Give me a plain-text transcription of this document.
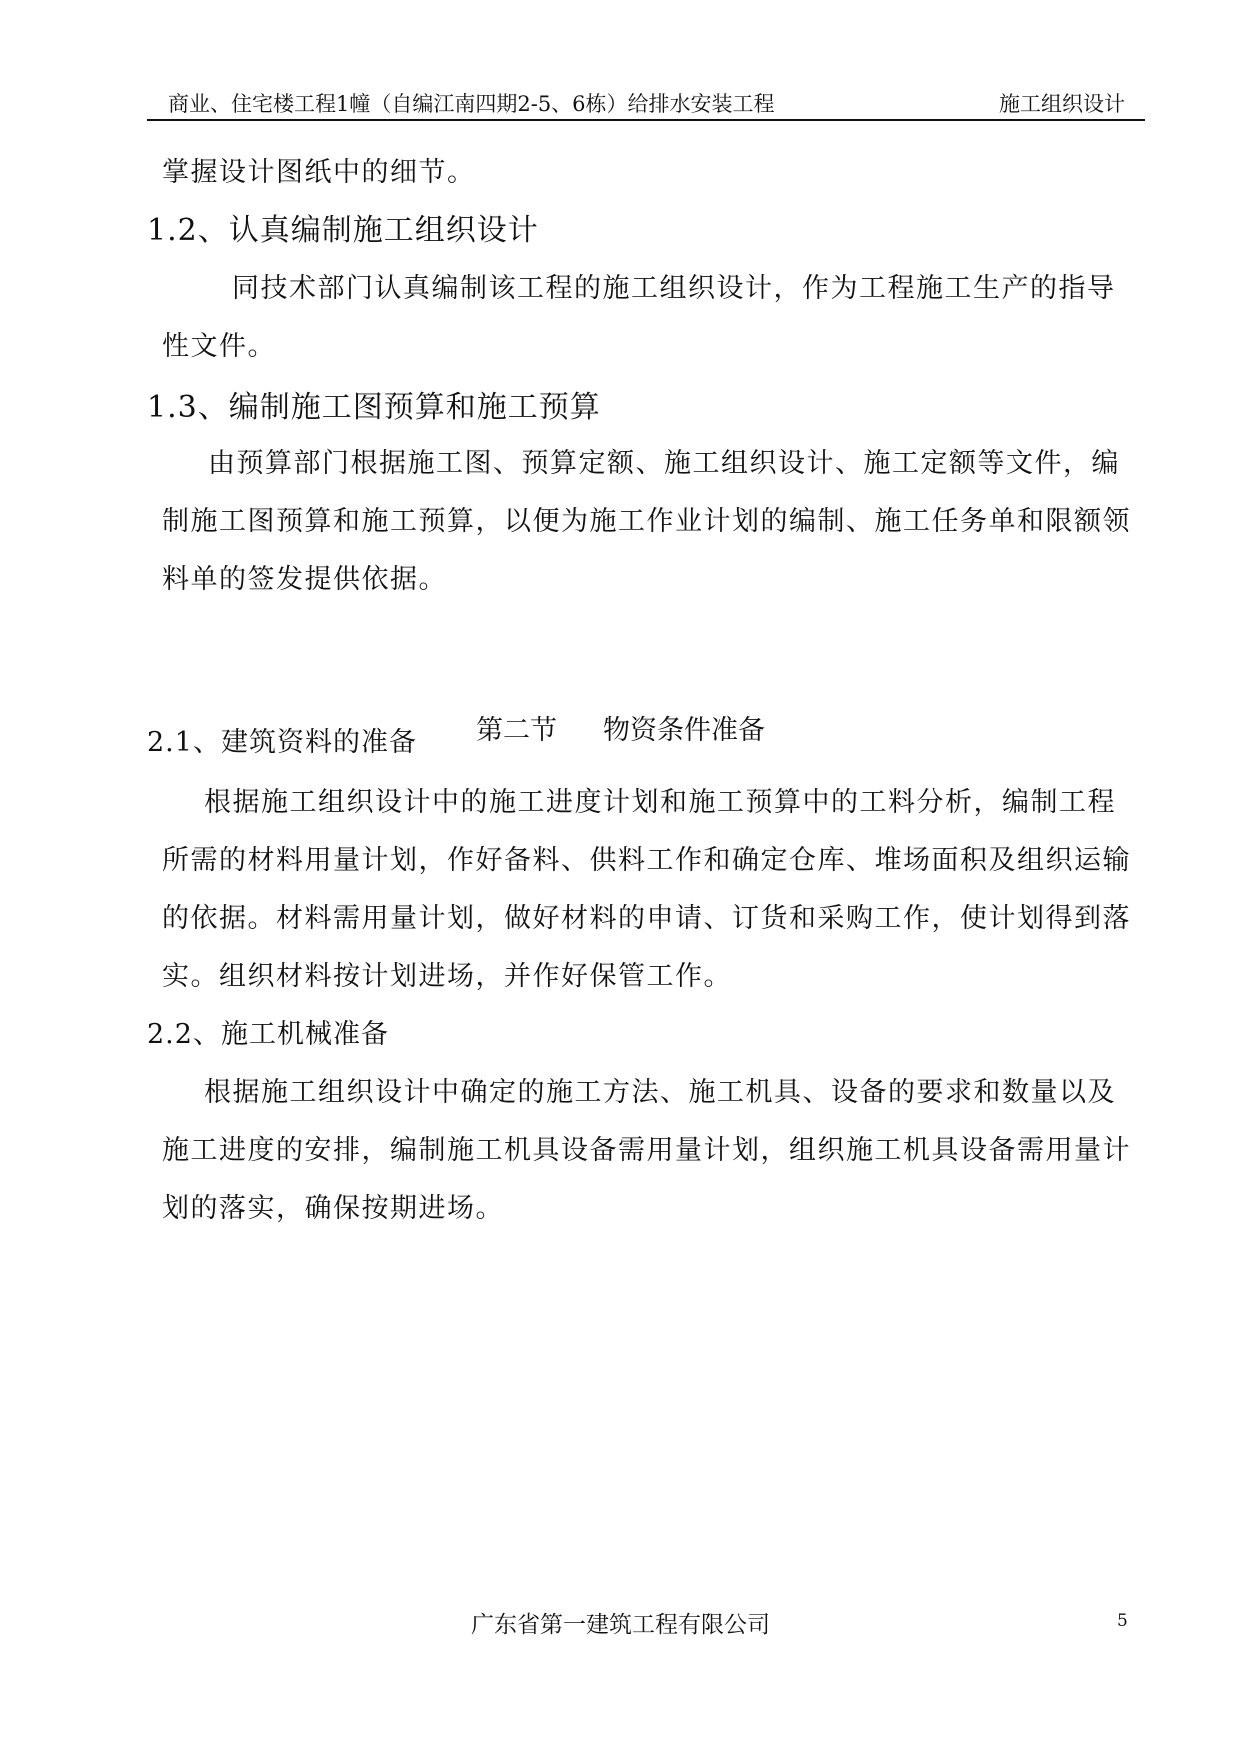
商业、住宅楼工程1幢（自编江南四期2-5、6栋）给排水安装工程	施工组织设计
掌握设计图纸中的细节。
1.2、认真编制施工组织设计
同技术部门认真编制该工程的施工组织设计，作为工程施工生产的指导
性文件。
1.3、编制施工图预算和施工预算
由预算部门根据施工图、预算定额、施工组织设计、施工定额等文件，编
制施工图预算和施工预算，以便为施工作业计划的编制、施工任务单和限额领
料单的签发提供依据。
第二节 物资条件准备
2.1、建筑资料的准备
根据施工组织设计中的施工进度计划和施工预算中的工料分析，编制工程
所需的材料用量计划，作好备料、供料工作和确定仓库、堆场面积及组织运输
的依据。材料需用量计划，做好材料的申请、订货和采购工作，使计划得到落
实。组织材料按计划进场，并作好保管工作。
2.2、施工机械准备
根据施工组织设计中确定的施工方法、施工机具、设备的要求和数量以及
施工进度的安排，编制施工机具设备需用量计划，组织施工机具设备需用量计
划的落实，确保按期进场。
广东省第一建筑工程有限公司	5
